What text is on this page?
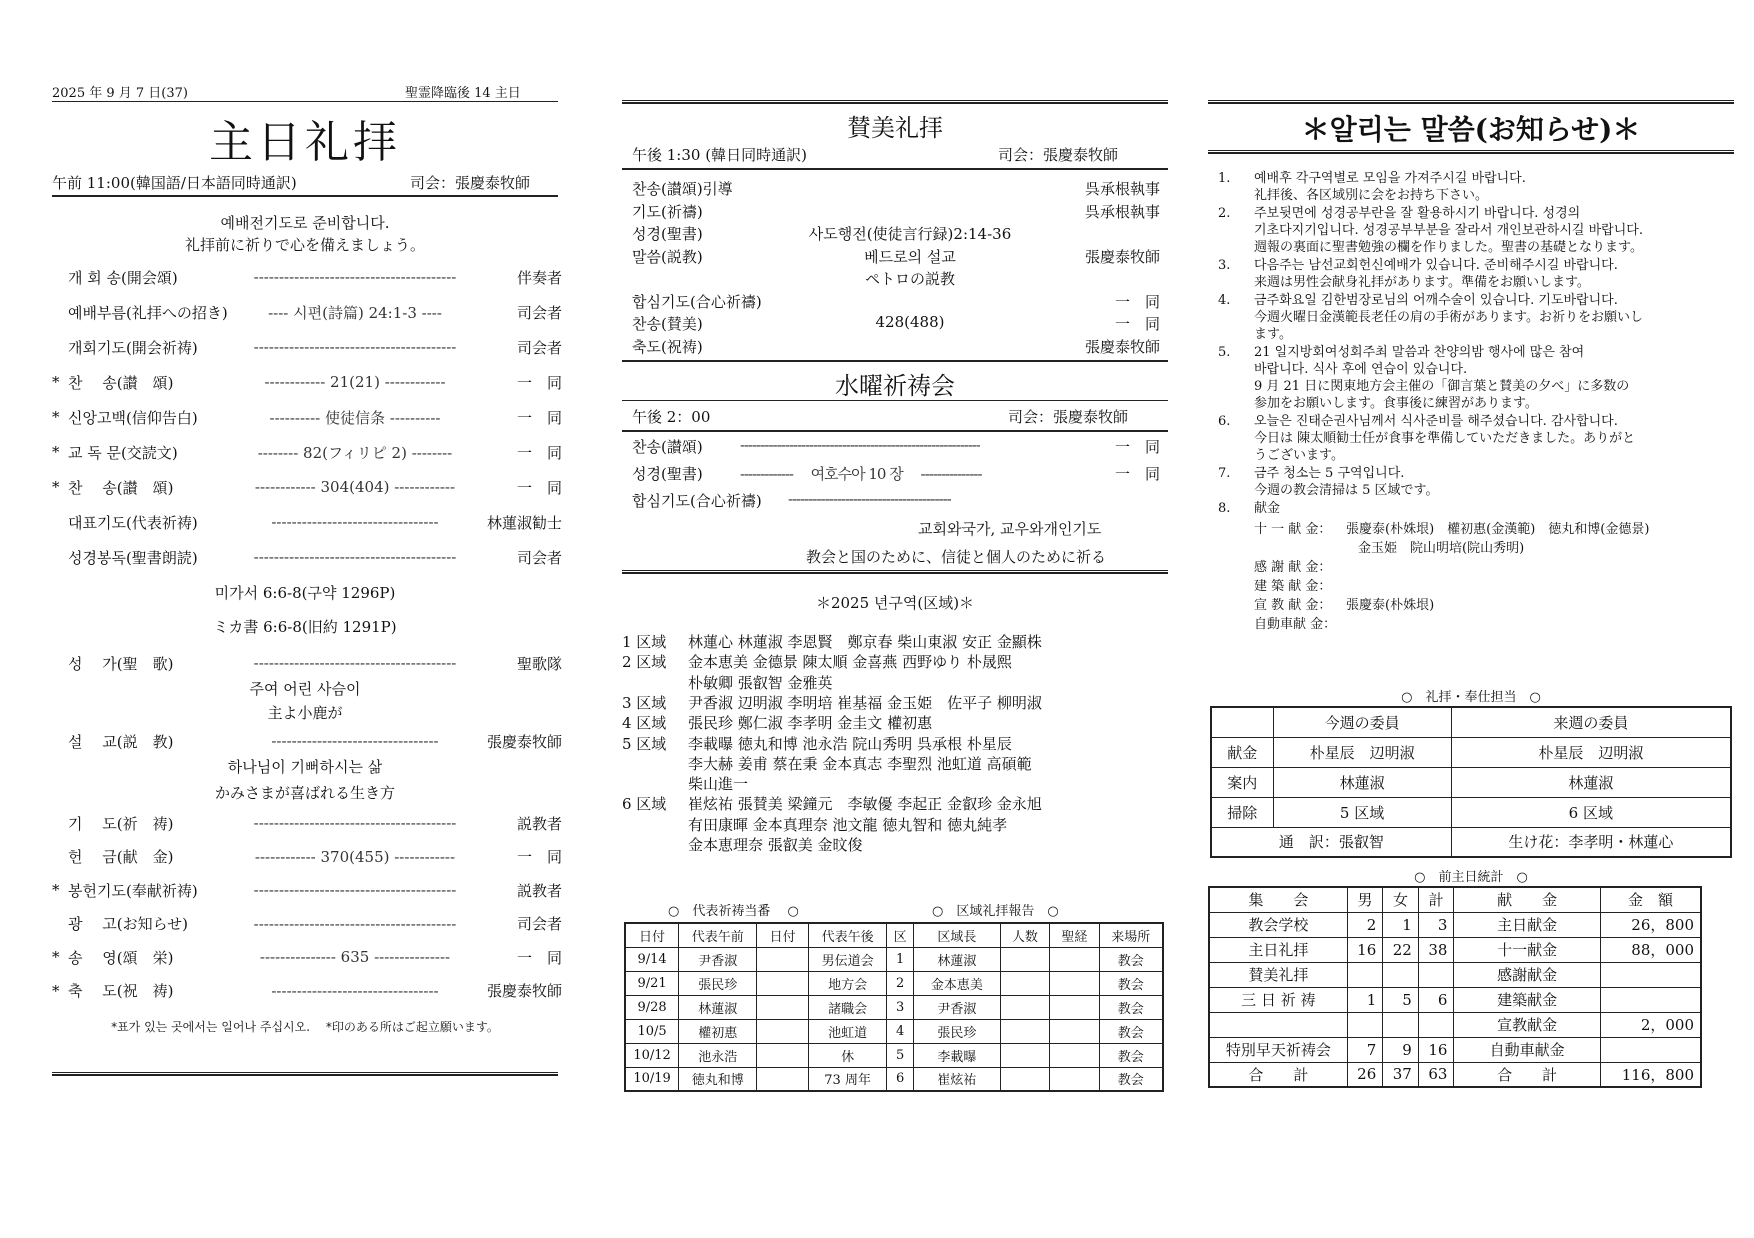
2025 年 9 月 7 日(37)	聖霊降臨後 14 主日
主日礼拝
午前 11:00(韓国語/日本語同時通訳)	司会：張慶泰牧師
예배전기도로 준비합니다.
礼拝前に祈りで心を備えましょう。
개 회 송(開会頌)	----------------------------------------	伴奏者
예배부름(礼拝への招き)	---- 시편(詩篇) 24:1-3 ----	司会者
개회기도(開会祈祷)	----------------------------------------	司会者
* 찬　 송(讃　頌)	------------ 21(21) ------------	一　同
* 신앙고백(信仰告白)	---------- 使徒信条 ----------	一　同
* 교 독 문(交読文)	-------- 82(フィリピ 2) --------	一　同
* 찬　 송(讃　頌)	------------ 304(404) ------------	一　同
대표기도(代表祈祷)	---------------------------------	林蓮淑勧士
성경봉독(聖書朗読)	----------------------------------------	司会者
미가서 6:6-8(구약 1296P)
ミカ書 6:6-8(旧約 1291P)
성　 가(聖　歌)	----------------------------------------	聖歌隊
주여 어린 사슴이
主よ小鹿が
설　 교(説　教)	---------------------------------	張慶泰牧師
하나님이 기뻐하시는 삶
かみさまが喜ばれる生き方
기　 도(祈　祷)	----------------------------------------	説教者
헌　 금(献　金)	------------ 370(455) ------------	一　同
* 봉헌기도(奉献祈祷)	----------------------------------------	説教者
광　 고(お知らせ)	----------------------------------------	司会者
* 송　 영(頌　栄)	--------------- 635 ---------------	一　同
* 축　 도(祝　祷)	---------------------------------	張慶泰牧師
*표가 있는 곳에서는 일어나 주십시오.　 *印のある所はご起立願います。
賛美礼拝
午後 1:30 (韓日同時通訳)	司会：張慶泰牧師
찬송(讃頌)引導	呉承根執事
기도(祈禱)	呉承根執事
성경(聖書)	사도행전(使徒言行録)2:14-36
말씀(説教)	베드로의 설교	張慶泰牧師
ペトロの説教
합심기도(合心祈禱)	一　同
찬송(賛美)	428(488)	一　同
축도(祝祷)	張慶泰牧師
水曜祈祷会
午後 2：00	司会：張慶泰牧師
찬송(讃頌) -----------------------------------------------------------	一　同
성경(聖書) -------------　 여호수아 10 장　 ---------------	一　同
합심기도(合心祈禱) ----------------------------------------
교회와국가, 교우와개인기도
教会と国のために、信徒と個人のために祈る
＊2025 년구역(区域)＊
1 区域 林蓮心 林蓮淑 李恩賢　鄭京春 柴山東淑 安正 金顯株
2 区域 金本恵美 金德景 陳太順 金喜燕 西野ゆり 朴晟熙
朴敏卿 張叡智 金雅英
3 区域 尹香淑 辺明淑 李明培 崔基福 金玉姫　佐平子 柳明淑
4 区域 張民珍 鄭仁淑 李孝明 金圭文 權初惠
5 区域 李載曝 徳丸和博 池永浩 院山秀明 呉承根 朴星辰
李大赫 姜甫 蔡在秉 金本真志 李聖烈 池虹道 高碩範
柴山進一
6 区域 崔炫祐 張賛美 梁鐘元　李敏優 李起正 金叡珍 金永旭
有田康暉 金本真理奈 池文龍 徳丸智和 徳丸純孝
金本恵理奈 張叡美 金旼俊
○　代表祈祷当番　 ○	○　区域礼拝報告　○
日付	代表午前	日付	代表午後	区	区域長	人数	聖経	来場所
9/14	尹香淑		男伝道会	1	林蓮淑			教会
9/21	張民珍		地方会	2	金本恵美			教会
9/28	林蓮淑		諸職会	3	尹香淑			教会
10/5	權初惠		池虹道	4	張民珍			教会
10/12	池永浩		休	5	李載曝			教会
10/19	徳丸和博		73 周年	6	崔炫祐			教会
＊알리는 말씀(お知らせ)＊
1.	예배후 각구역별로 모임을 가져주시길 바랍니다.
礼拝後、各区域別に会をお持ち下さい。
2.	주보뒷면에 성경공부란을 잘 활용하시기 바랍니다. 성경의
기초다지기입니다. 성경공부부분을 잘라서 개인보관하시길 바랍니다.
週報の裏面に聖書勉強の欄を作りました。聖書の基礎となります。
3.	다음주는 남선교회헌신예배가 있습니다. 준비해주시길 바랍니다.
来週は男性会献身礼拝があります。準備をお願いします。
4.	금주화요일 김한범장로님의 어깨수술이 있습니다. 기도바랍니다.
今週火曜日金漢範長老任の肩の手術があります。お祈りをお願いし
ます。
5.	21 일지방회여성회주최 말씀과 찬양의밤 행사에 많은 참여
바랍니다. 식사 후에 연습이 있습니다.
9 月 21 日に関東地方会主催の「御言葉と賛美の夕べ」に多数の
参加をお願いします。食事後に練習があります。
6.	오늘은 진태순권사님께서 식사준비를 해주셨습니다. 감사합니다.
今日は 陳太順勧士任が食事を準備していただきました。ありがと
うございます。
7.	금주 청소는 5 구역입니다.
今週の教会清掃は 5 区域です。
8.	献金
十 一 献 金： 張慶泰(朴姝垠)　權初惠(金漢範)　徳丸和博(金德景)
金玉姫　院山明培(院山秀明)
感 謝 献 金：
建 築 献 金：
宣 教 献 金： 張慶泰(朴姝垠)
自動車献 金：
○　礼拝・奉仕担当　○
	今週の委員	来週の委員
献金	朴星辰　辺明淑	朴星辰　辺明淑
案内	林蓮淑	林蓮淑
掃除	5 区域	6 区域
通　訳：張叡智		生け花：李孝明・林蓮心
○　前主日統計　○
集　　会	男	女	計	献　　金	金　額
教会学校	2	1	3	主日献金	26，800
主日礼拝	16	22	38	十一献金	88，000
賛美礼拝				感謝献金	
三 日 祈 祷	1	5	6	建築献金	
				宣教献金	2，000
特別早天祈祷会	7	9	16	自動車献金	
合　　計	26	37	63	合　　計	116，800
